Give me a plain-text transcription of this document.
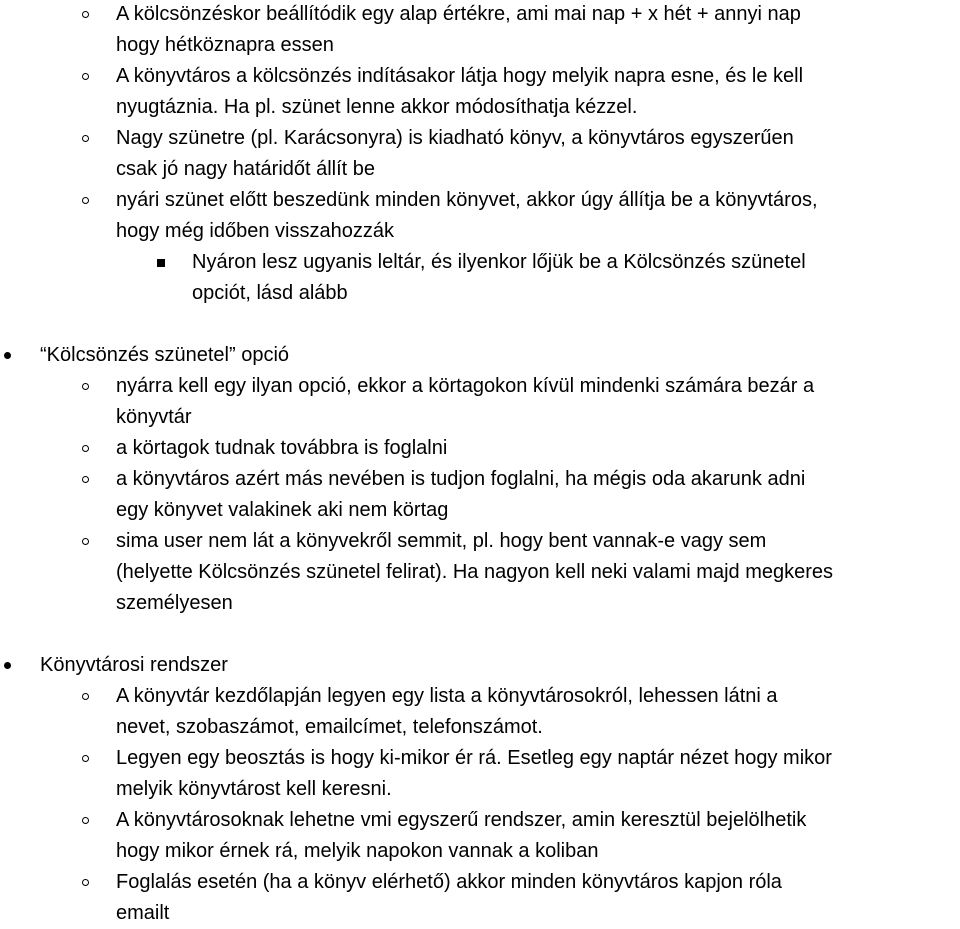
A kölcsönzéskor beállítódik egy alap értékre, ami mai nap + x hét + annyi nap
hogy hétköznapra essen
A könyvtáros a kölcsönzés indításakor látja hogy melyik napra esne, és le kell
nyugtáznia. Ha pl. szünet lenne akkor módosíthatja kézzel.
Nagy szünetre (pl. Karácsonyra) is kiadható könyv, a könyvtáros egyszerűen
csak jó nagy határidőt állít be
nyári szünet előtt beszedünk minden könyvet, akkor úgy állítja be a könyvtáros,
hogy még időben visszahozzák
Nyáron lesz ugyanis leltár, és ilyenkor lőjük be a Kölcsönzés szünetel
opciót, lásd alább
“Kölcsönzés szünetel” opció
nyárra kell egy ilyan opció, ekkor a körtagokon kívül mindenki számára bezár a
könyvtár
a körtagok tudnak továbbra is foglalni
a könyvtáros azért más nevében is tudjon foglalni, ha mégis oda akarunk adni
egy könyvet valakinek aki nem körtag
sima user nem lát a könyvekről semmit, pl. hogy bent vannak-e vagy sem
(helyette Kölcsönzés szünetel felirat). Ha nagyon kell neki valami majd megkeres
személyesen
Könyvtárosi rendszer
A könyvtár kezdőlapján legyen egy lista a könyvtárosokról, lehessen látni a
nevet, szobaszámot, emailcímet, telefonszámot.
Legyen egy beosztás is hogy ki-mikor ér rá. Esetleg egy naptár nézet hogy mikor
melyik könyvtárost kell keresni.
A könyvtárosoknak lehetne vmi egyszerű rendszer, amin keresztül bejelölhetik
hogy mikor érnek rá, melyik napokon vannak a koliban
Foglalás esetén (ha a könyv elérhető) akkor minden könyvtáros kapjon róla
emailt
